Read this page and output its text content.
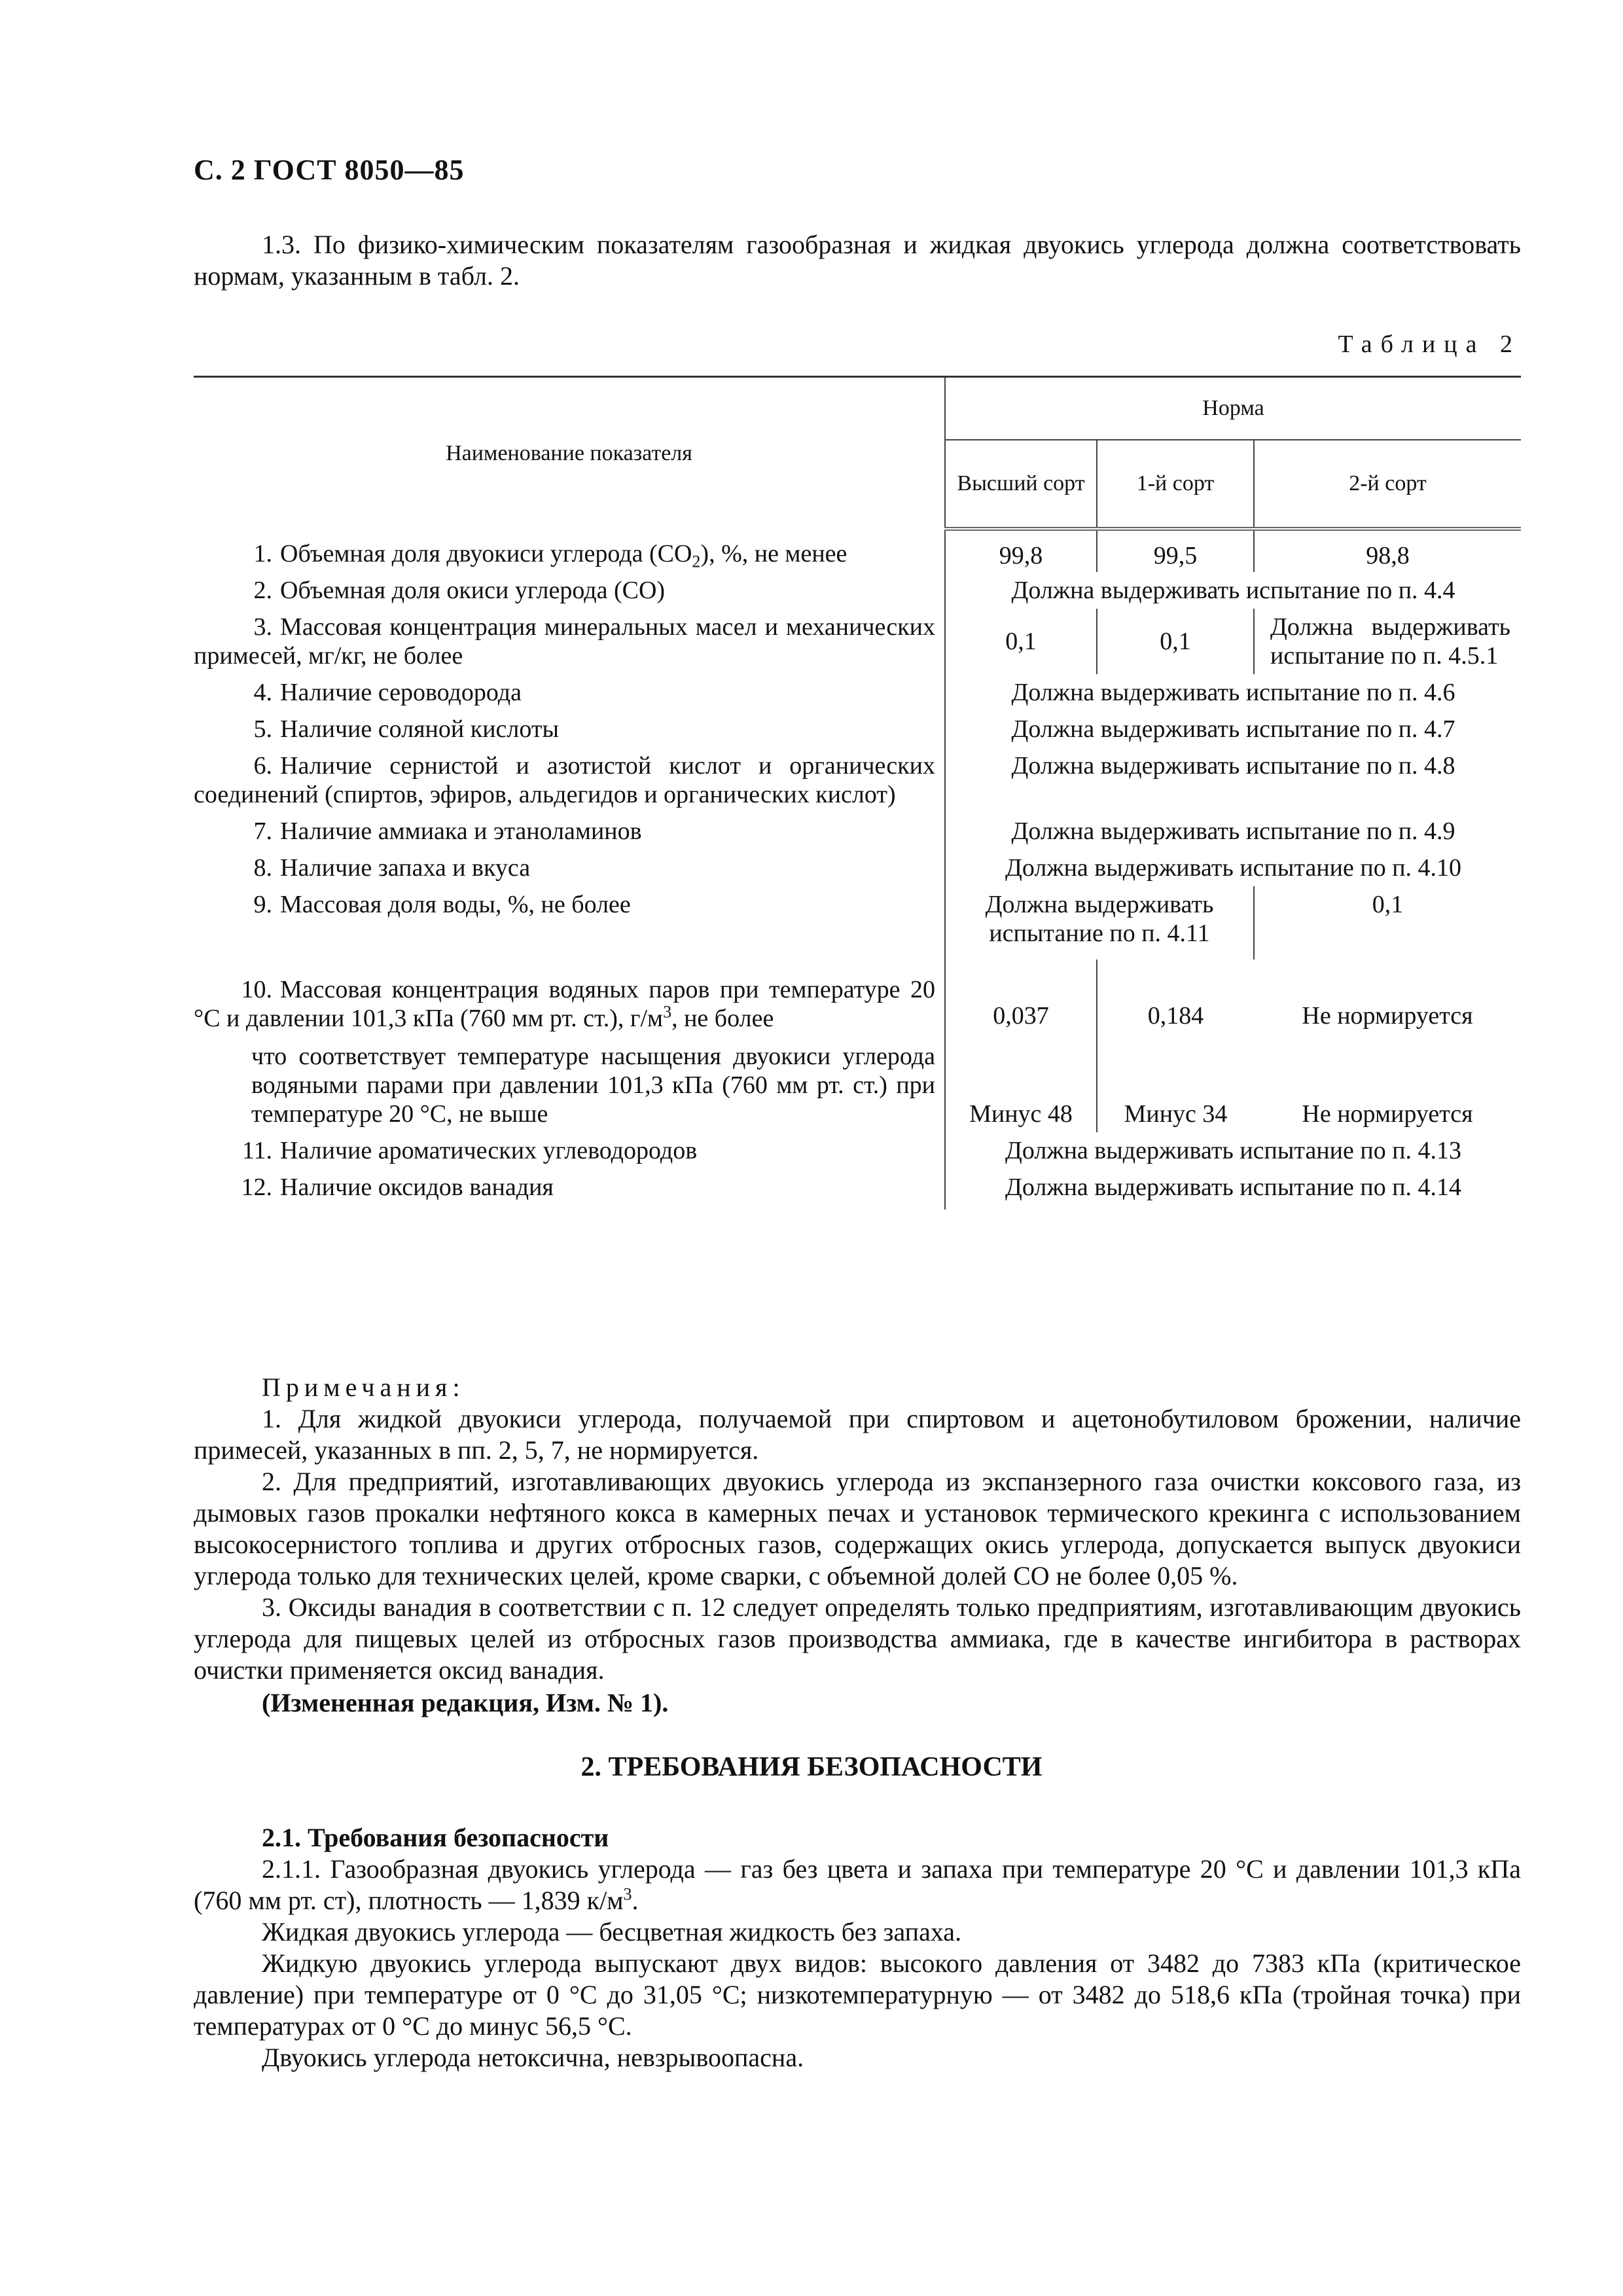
С. 2 ГОСТ 8050—85

1.3. По физико-химическим показателям газообразная и жидкая двуокись углерода должна соответствовать нормам, указанным в табл. 2.

Таблица 2
Наименование показателя	Норма		
	Высший сорт	1-й сорт	2-й сорт
1. Объемная доля двуокиси углерода $(СО_2)$, %, не менее	99,8	99,5	98,8
2. Объемная доля окиси углерода (СО)	Должна выдерживать испытание по п. 4.4		
3. Массовая концентрация минеральных масел и механических примесей, мг/кг, не более	0,1	0,1	Должна выдерживать испытание по п. 4.5.1
4. Наличие сероводорода	Должна выдерживать испытание по п. 4.6		
5. Наличие соляной кислоты	Должна выдерживать испытание по п. 4.7		
6. Наличие сернистой и азотистой кислот и органических соединений (спиртов, эфиров, альдегидов и органических кислот)	Должна выдерживать испытание по п. 4.8		
7. Наличие аммиака и этаноламинов	Должна выдерживать испытание по п. 4.9		
8. Наличие запаха и вкуса	Должна выдерживать испытание по п. 4.10		
9. Массовая доля воды, %, не более	Должна выдерживать испытание по п. 4.11		0,1
10. Массовая концентрация водяных паров при температуре 20 °С и давлении 101,3 кПа (760 мм рт. ст.), $г/м^3$, не более	0,037	0,184	Не нормируется
что соответствует температуре насыщения двуокиси углерода водяными парами при давлении 101,3 кПа (760 мм рт. ст.) при температуре 20 °С, не выше	Минус 48	Минус 34	Не нормируется
11. Наличие ароматических углеводородов	Должна выдерживать испытание по п. 4.13		
12. Наличие оксидов ванадия	Должна выдерживать испытание по п. 4.14		

Примечания:

1. Для жидкой двуокиси углерода, получаемой при спиртовом и ацетонобутиловом брожении, наличие примесей, указанных в пп. 2, 5, 7, не нормируется.

2. Для предприятий, изготавливающих двуокись углерода из экспанзерного газа очистки коксового газа, из дымовых газов прокалки нефтяного кокса в камерных печах и установок термического крекинга с использованием высокосернистого топлива и других отбросных газов, содержащих окись углерода, допускается выпуск двуокиси углерода только для технических целей, кроме сварки, с объемной долей СО не более 0,05 %.

3. Оксиды ванадия в соответствии с п. 12 следует определять только предприятиям, изготавливающим двуокись углерода для пищевых целей из отбросных газов производства аммиака, где в качестве ингибитора в растворах очистки применяется оксид ванадия.

(Измененная редакция, Изм. № 1).
2. ТРЕБОВАНИЯ БЕЗОПАСНОСТИ

2.1. Требования безопасности

2.1.1. Газообразная двуокись углерода — газ без цвета и запаха при температуре 20 °С и давлении 101,3 кПа (760 мм рт. ст), плотность — 1,839 $к/м^3$.

Жидкая двуокись углерода — бесцветная жидкость без запаха.

Жидкую двуокись углерода выпускают двух видов: высокого давления от 3482 до 7383 кПа (критическое давление) при температуре от 0 °С до 31,05 °С; низкотемпературную — от 3482 до 518,6 кПа (тройная точка) при температурах от 0 °С до минус 56,5 °С.

Двуокись углерода нетоксична, невзрывоопасна.
